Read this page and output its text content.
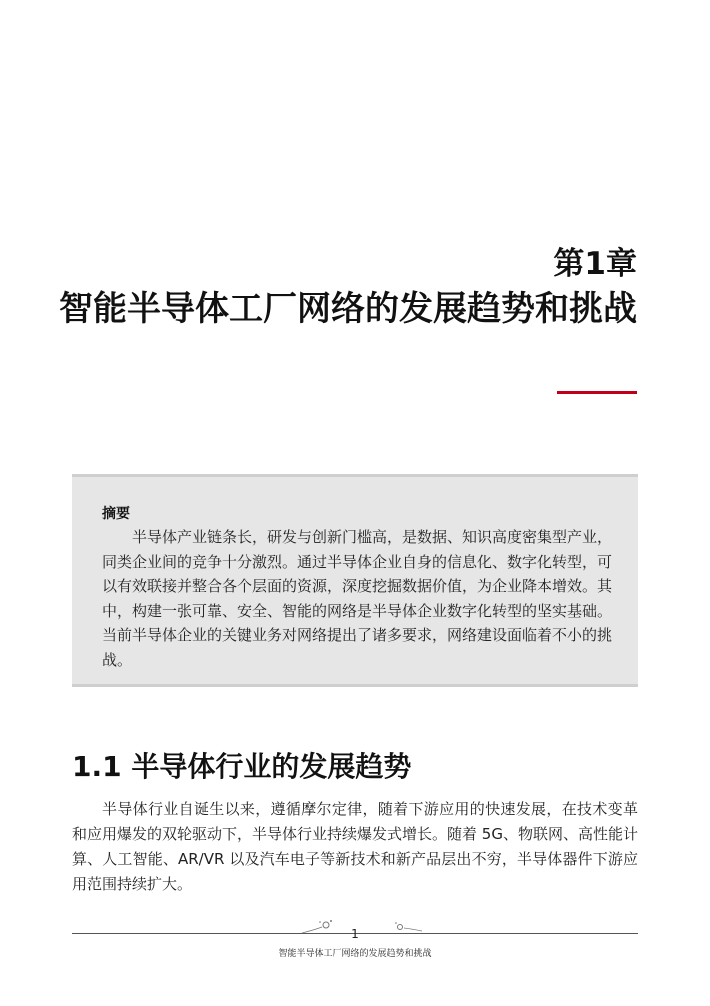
第1章
智能半导体工厂网络的发展趋势和挑战
摘要

半导体产业链条长，研发与创新门槛高，是数据、知识高度密集型产业，同类企业间的竞争十分激烈。通过半导体企业自身的信息化、数字化转型，可以有效联接并整合各个层面的资源，深度挖掘数据价值，为企业降本增效。其中，构建一张可靠、安全、智能的网络是半导体企业数字化转型的坚实基础。当前半导体企业的关键业务对网络提出了诸多要求，网络建设面临着不小的挑战。

1.1 半导体行业的发展趋势

半导体行业自诞生以来，遵循摩尔定律，随着下游应用的快速发展，在技术变革和应用爆发的双轮驱动下，半导体行业持续爆发式增长。随着 5G、物联网、高性能计算、人工智能、AR/VR 以及汽车电子等新技术和新产品层出不穷，半导体器件下游应用范围持续扩大。

1
智能半导体工厂网络的发展趋势和挑战
